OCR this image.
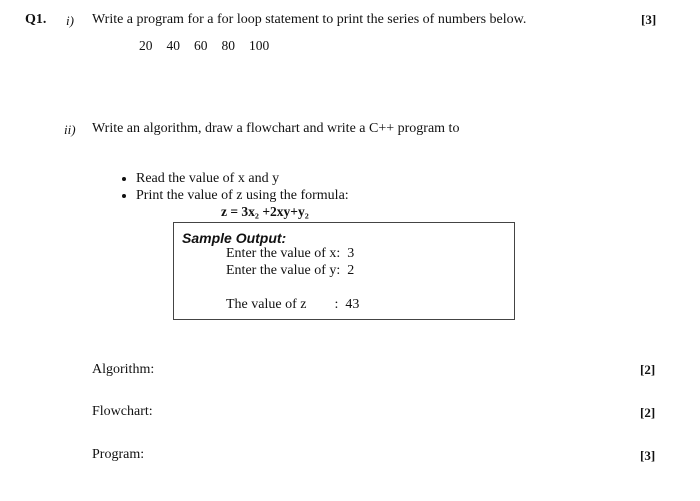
Q1. i) Write a program for a for loop statement to print the series of numbers below.	[3]
20 40 60 80 100
ii) Write an algorithm, draw a flowchart and write a C++ program to
• Read the value of x and y
• Print the value of z using the formula:
z = 3x₂ +2xy+y₂
Sample Output:
Enter the value of x:  3
Enter the value of y:  2
The value of z        :  43
Algorithm:	[2]
Flowchart:	[2]
Program:	[3]
